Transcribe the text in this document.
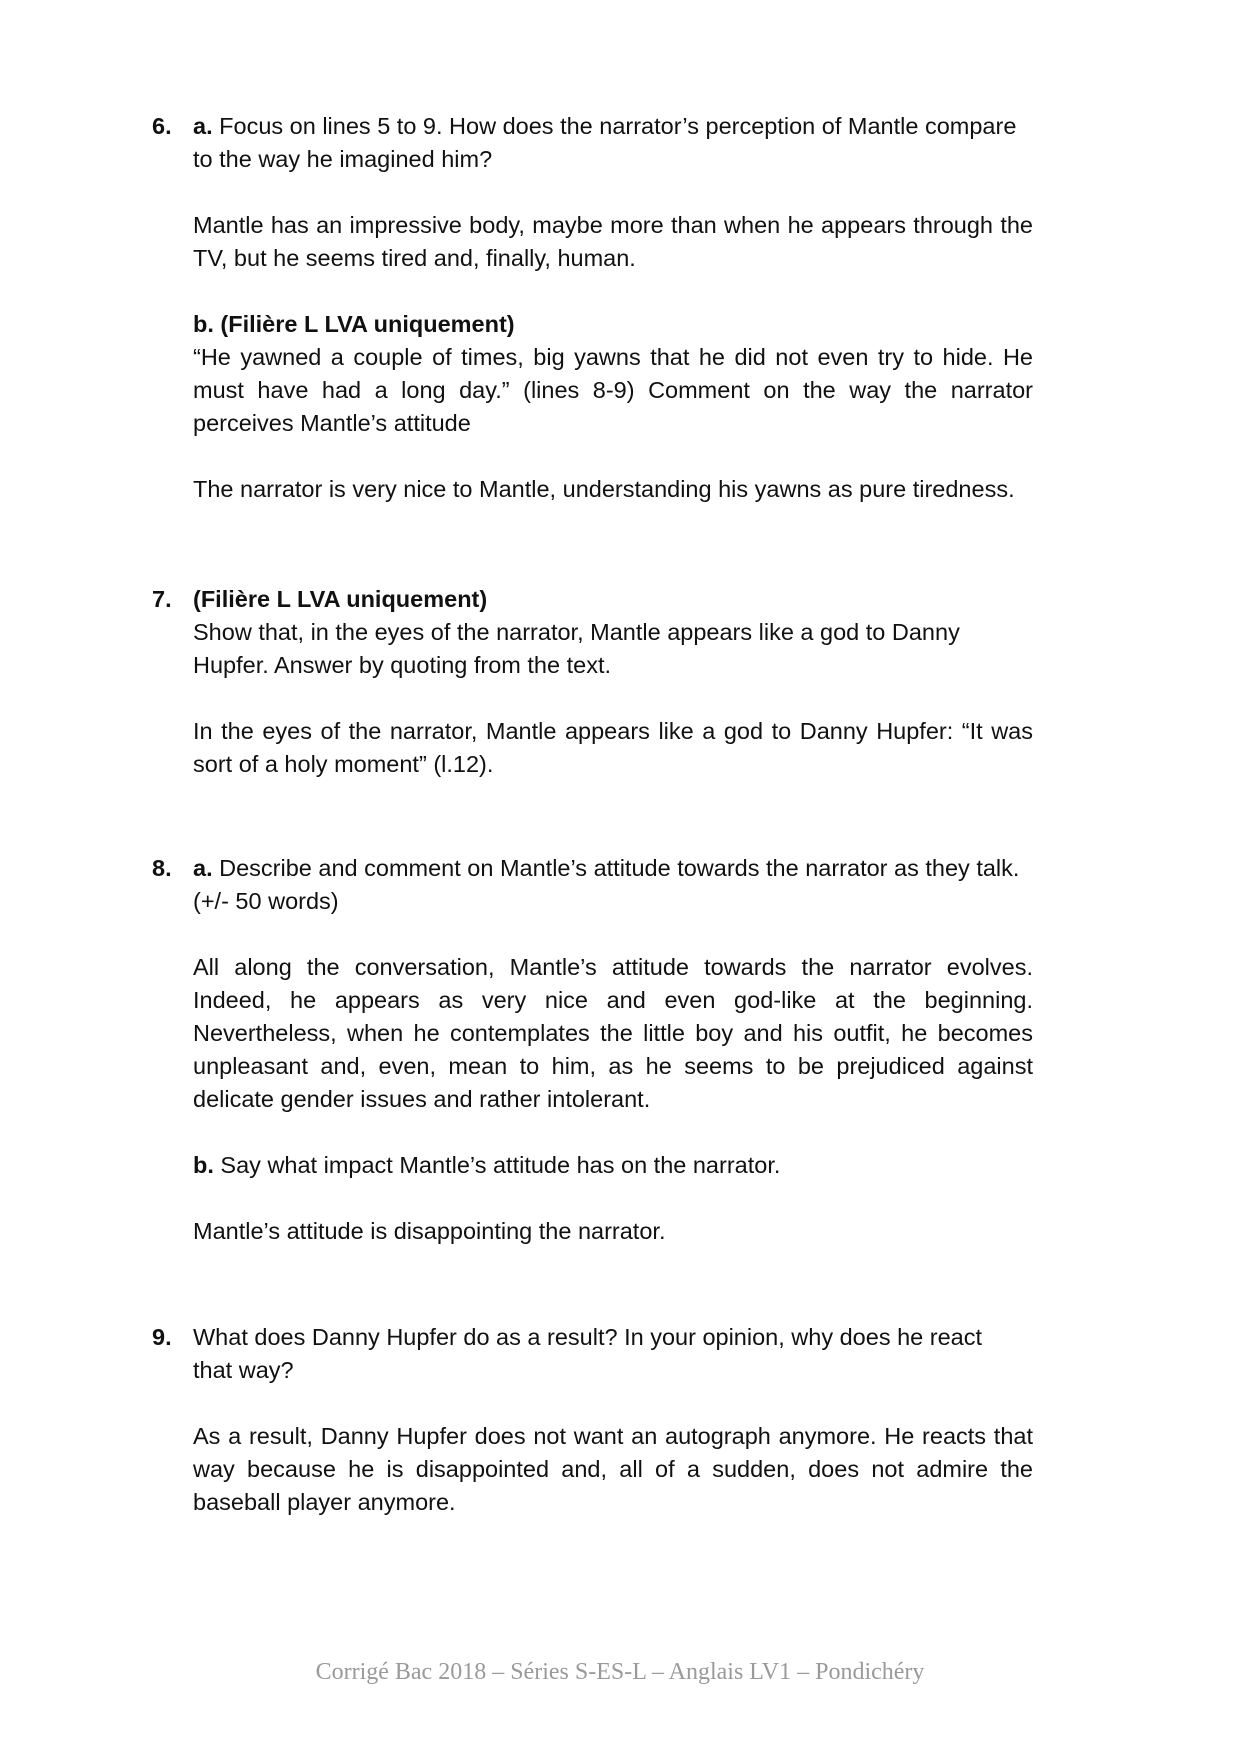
6. a. Focus on lines 5 to 9. How does the narrator’s perception of Mantle compare to the way he imagined him?

Mantle has an impressive body, maybe more than when he appears through the TV, but he seems tired and, finally, human.

b. (Filière L LVA uniquement)

“He yawned a couple of times, big yawns that he did not even try to hide. He must have had a long day.” (lines 8-9) Comment on the way the narrator perceives Mantle’s attitude

The narrator is very nice to Mantle, understanding his yawns as pure tiredness.

7. (Filière L LVA uniquement)

Show that, in the eyes of the narrator, Mantle appears like a god to Danny Hupfer. Answer by quoting from the text.

In the eyes of the narrator, Mantle appears like a god to Danny Hupfer: “It was sort of a holy moment” (l.12).

8. a. Describe and comment on Mantle’s attitude towards the narrator as they talk.

(+/- 50 words)

All along the conversation, Mantle’s attitude towards the narrator evolves. Indeed, he appears as very nice and even god-like at the beginning. Nevertheless, when he contemplates the little boy and his outfit, he becomes unpleasant and, even, mean to him, as he seems to be prejudiced against delicate gender issues and rather intolerant.

b. Say what impact Mantle’s attitude has on the narrator.

Mantle’s attitude is disappointing the narrator.

9. What does Danny Hupfer do as a result? In your opinion, why does he react that way?

As a result, Danny Hupfer does not want an autograph anymore. He reacts that way because he is disappointed and, all of a sudden, does not admire the baseball player anymore.

Corrigé Bac 2018 – Séries S-ES-L – Anglais LV1 – Pondichéry
